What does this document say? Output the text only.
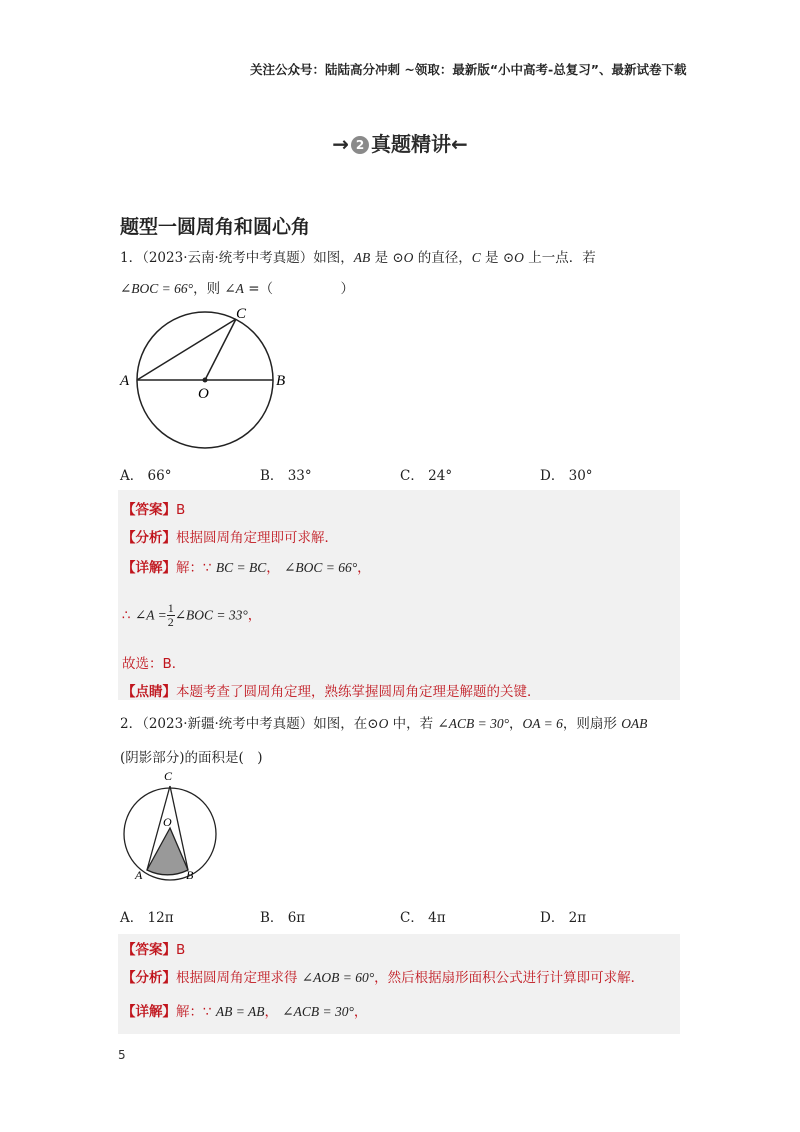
关注公众号：陆陆高分冲刺 ~领取：最新版“小中高考-总复习”、最新试卷下载
→ 2 真题精讲←
题型一圆周角和圆心角
1．（2023·云南·统考中考真题）如图，AB 是 ⊙O 的直径，C 是 ⊙O 上一点．若
∠BOC = 66°，则 ∠A =（　　　　　）
A	B
C
O
A． 66°	B． 33°	C． 24°	D． 30°
【答案】B
【分析】根据圆周角定理即可求解．
【详解】解：∵ BC = BC， ∠BOC = 66°，
∴ ∠A = $\frac{1}{2}$ ∠BOC = 33°，
故选：B．
【点睛】本题考查了圆周角定理，熟练掌握圆周角定理是解题的关键．
2．（2023·新疆·统考中考真题）如图，在⊙O 中，若 ∠ACB = 30°，OA = 6，则扇形 OAB
(阴影部分)的面积是(　)
C
O
A	B
A． 12π	B． 6π	C． 4π	D． 2π
【答案】B
【分析】根据圆周角定理求得 ∠AOB = 60°，然后根据扇形面积公式进行计算即可求解．
【详解】解：∵ AB = AB， ∠ACB = 30°，
5
